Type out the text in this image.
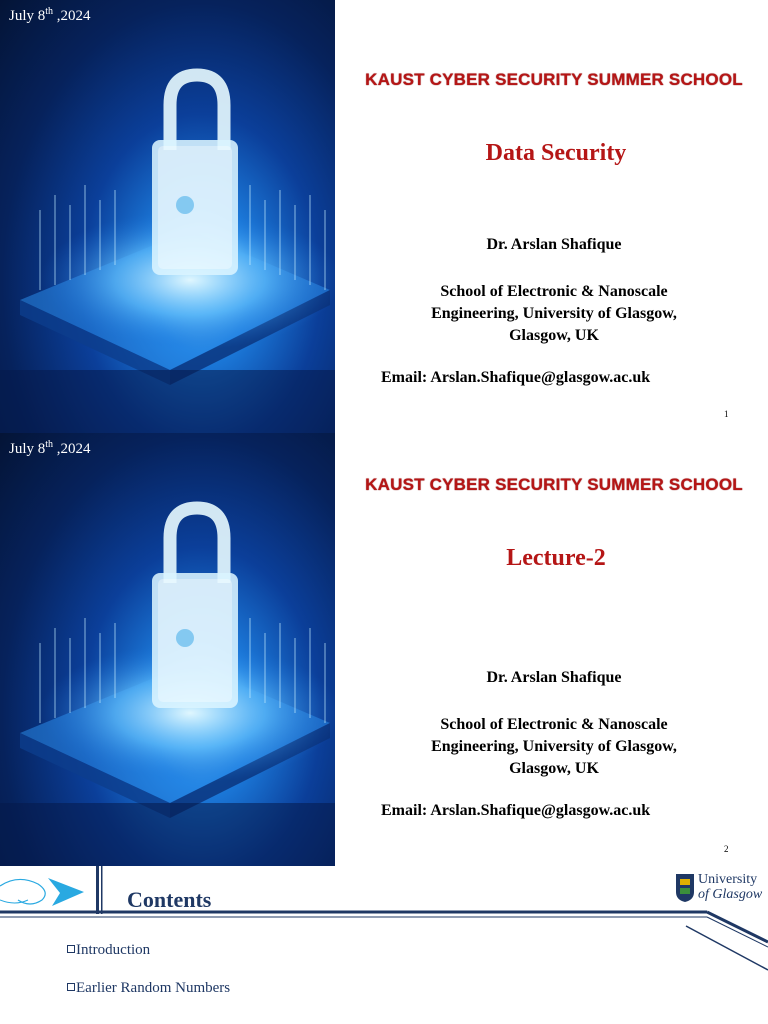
July 8th ,2024
KAUST CYBER SECURITY SUMMER SCHOOL
Data Security
Dr. Arslan Shafique
School of Electronic & Nanoscale
Engineering, University of Glasgow,
Glasgow, UK
Email: Arslan.Shafique@glasgow.ac.uk
1
July 8th ,2024
KAUST CYBER SECURITY SUMMER SCHOOL
Lecture-2
Dr. Arslan Shafique
School of Electronic & Nanoscale
Engineering, University of Glasgow,
Glasgow, UK
Email: Arslan.Shafique@glasgow.ac.uk
2
Contents
University
of Glasgow
Introduction
Earlier Random Numbers
